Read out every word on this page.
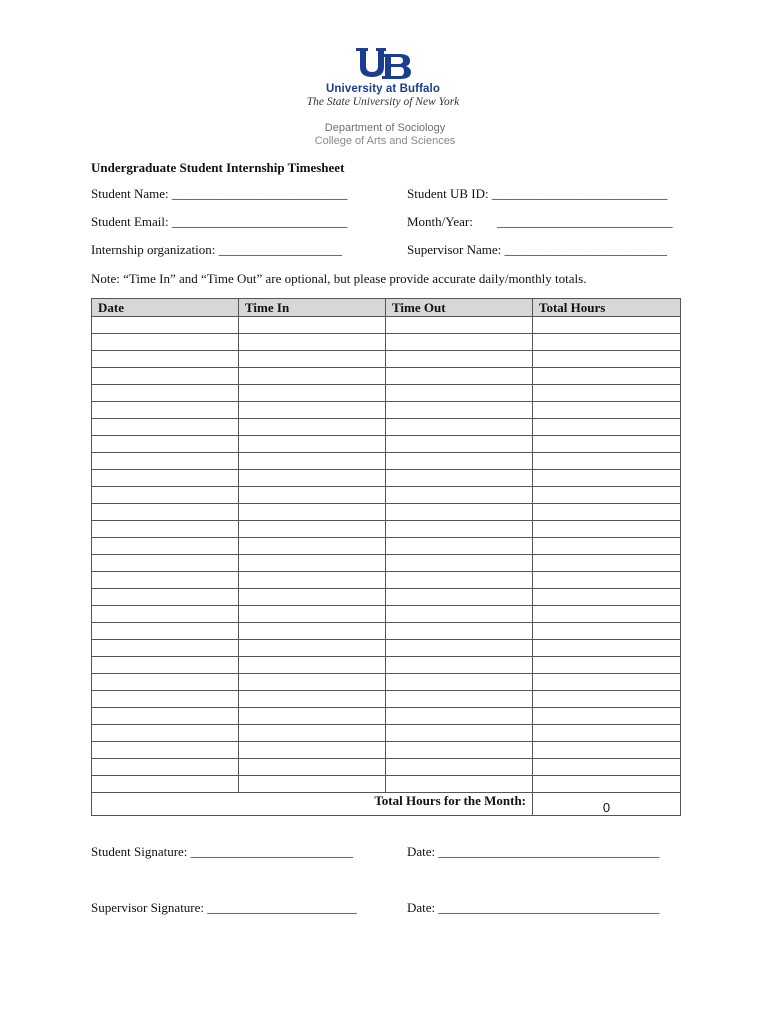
University at Buffalo
The State University of New York
Department of Sociology
College of Arts and Sciences
Undergraduate Student Internship Timesheet
Student Name: ___________________________	Student UB ID: ___________________________
Student Email: ___________________________	Month/Year: ___________________________
Internship organization: ___________________	Supervisor Name: _________________________
Note: “Time In” and “Time Out” are optional, but please provide accurate daily/monthly totals.
Date	Time In	Time Out	Total Hours

Total Hours for the Month:			0
Student Signature: _________________________	Date: __________________________________
Supervisor Signature: _______________________	Date: __________________________________
